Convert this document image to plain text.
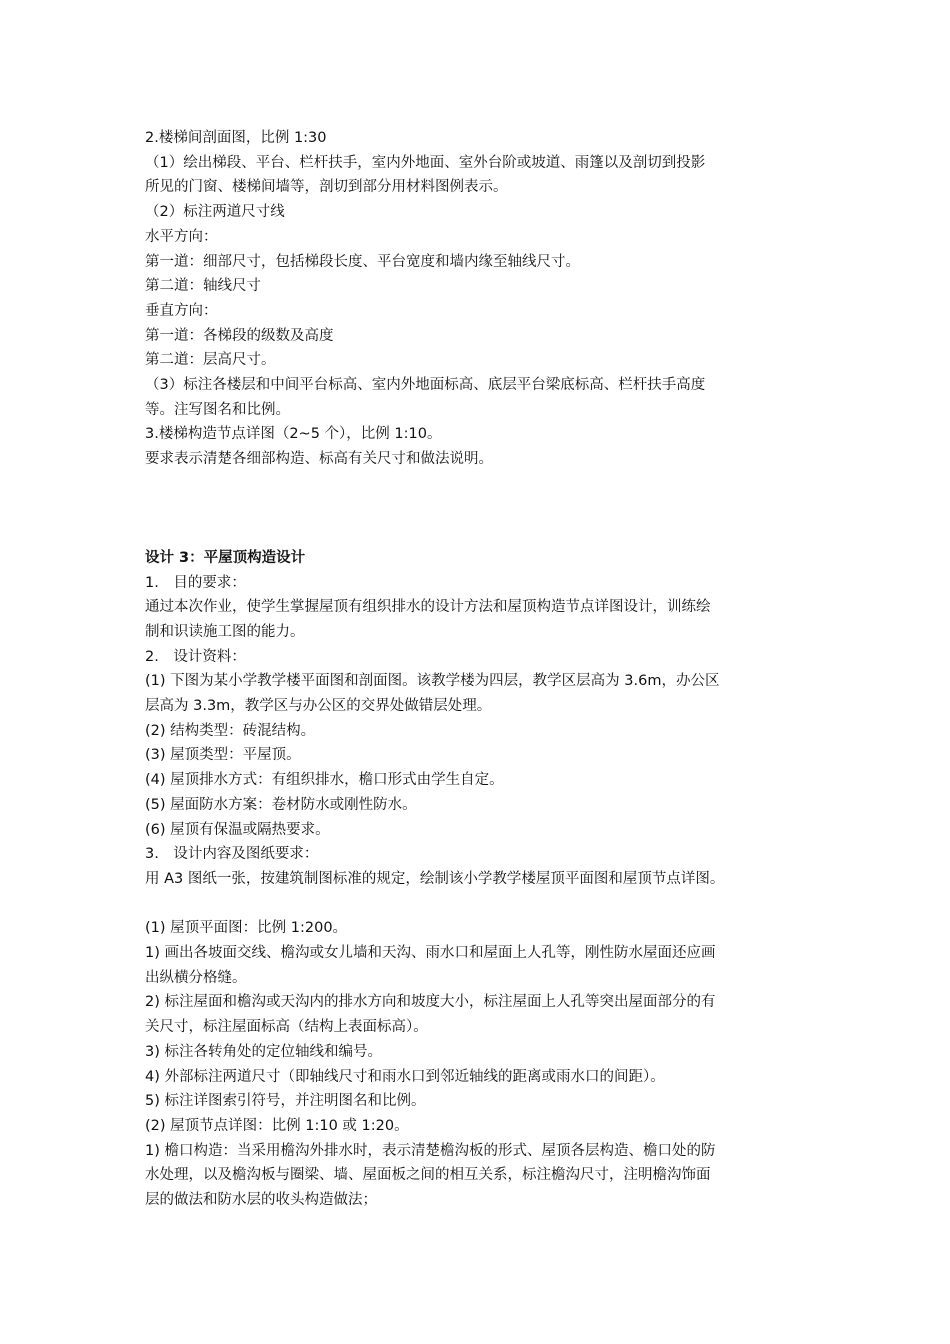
2.楼梯间剖面图，比例 1:30

（1）绘出梯段、平台、栏杆扶手，室内外地面、室外台阶或坡道、雨篷以及剖切到投影

所见的门窗、楼梯间墙等，剖切到部分用材料图例表示。

（2）标注两道尺寸线

水平方向：

第一道：细部尺寸，包括梯段长度、平台宽度和墙内缘至轴线尺寸。

第二道：轴线尺寸

垂直方向：

第一道：各梯段的级数及高度

第二道：层高尺寸。

（3）标注各楼层和中间平台标高、室内外地面标高、底层平台梁底标高、栏杆扶手高度

等。注写图名和比例。

3.楼梯构造节点详图（2~5 个），比例 1:10。

要求表示清楚各细部构造、标高有关尺寸和做法说明。

设计 3：平屋顶构造设计

1.　目的要求：

通过本次作业，使学生掌握屋顶有组织排水的设计方法和屋顶构造节点详图设计，训练绘

制和识读施工图的能力。

2.　设计资料：

(1) 下图为某小学教学楼平面图和剖面图。该教学楼为四层，教学区层高为 3.6m，办公区

层高为 3.3m，教学区与办公区的交界处做错层处理。

(2) 结构类型：砖混结构。

(3) 屋顶类型：平屋顶。

(4) 屋顶排水方式：有组织排水，檐口形式由学生自定。

(5) 屋面防水方案：卷材防水或刚性防水。

(6) 屋顶有保温或隔热要求。

3.　设计内容及图纸要求：

用 A3 图纸一张，按建筑制图标准的规定，绘制该小学教学楼屋顶平面图和屋顶节点详图。

(1) 屋顶平面图：比例 1:200。

1) 画出各坡面交线、檐沟或女儿墙和天沟、雨水口和屋面上人孔等，刚性防水屋面还应画

出纵横分格缝。

2) 标注屋面和檐沟或天沟内的排水方向和坡度大小，标注屋面上人孔等突出屋面部分的有

关尺寸，标注屋面标高（结构上表面标高）。

3) 标注各转角处的定位轴线和编号。

4) 外部标注两道尺寸（即轴线尺寸和雨水口到邻近轴线的距离或雨水口的间距）。

5) 标注详图索引符号，并注明图名和比例。

(2) 屋顶节点详图：比例 1:10 或 1:20。

1) 檐口构造：当采用檐沟外排水时，表示清楚檐沟板的形式、屋顶各层构造、檐口处的防

水处理，以及檐沟板与圈梁、墙、屋面板之间的相互关系，标注檐沟尺寸，注明檐沟饰面

层的做法和防水层的收头构造做法；
